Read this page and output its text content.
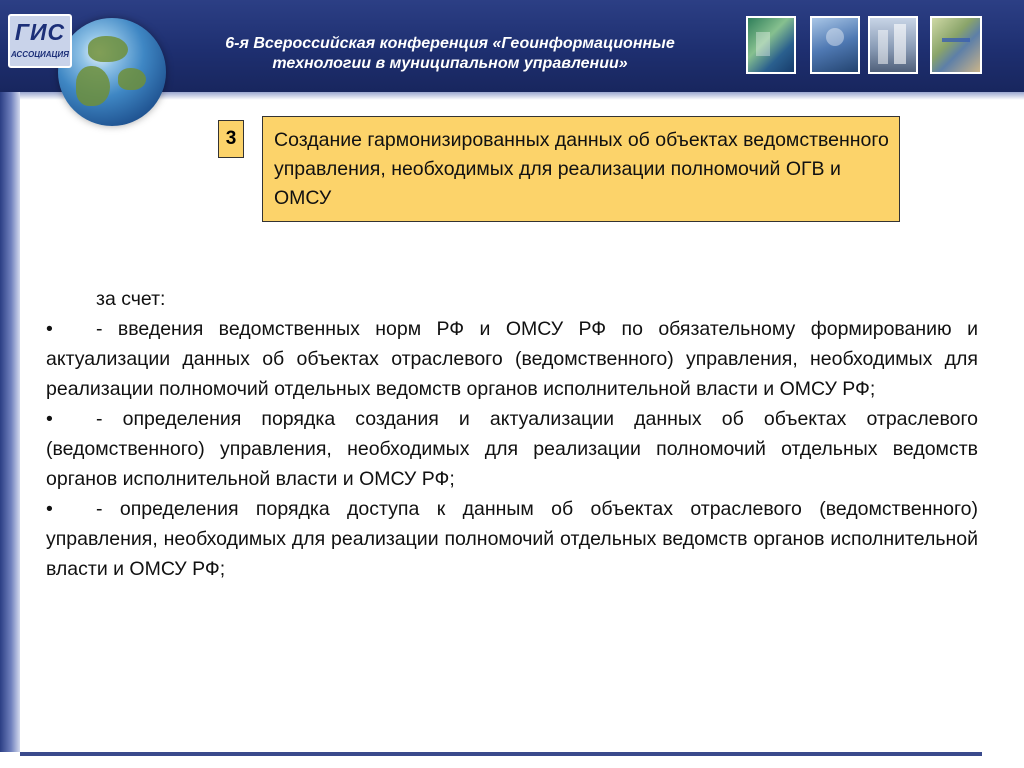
ГИС
АССОЦИАЦИЯ
6-я Всероссийская конференция «Геоинформационные
технологии в муниципальном управлении»
3	Создание гармонизированных данных об объектах ведомственного управления, необходимых для реализации полномочий ОГВ и ОМСУ
за счет:
• - введения ведомственных норм РФ и ОМСУ РФ по обязательному формированию и актуализации данных об объектах отраслевого (ведомственного) управления, необходимых для реализации полномочий отдельных ведомств органов исполнительной власти и ОМСУ РФ;
• - определения порядка создания и актуализации данных об объектах отраслевого (ведомственного) управления, необходимых для реализации полномочий отдельных ведомств органов исполнительной власти и ОМСУ РФ;
• - определения порядка доступа к данным об объектах отраслевого (ведомственного) управления, необходимых для реализации полномочий отдельных ведомств органов исполнительной власти и ОМСУ РФ;
